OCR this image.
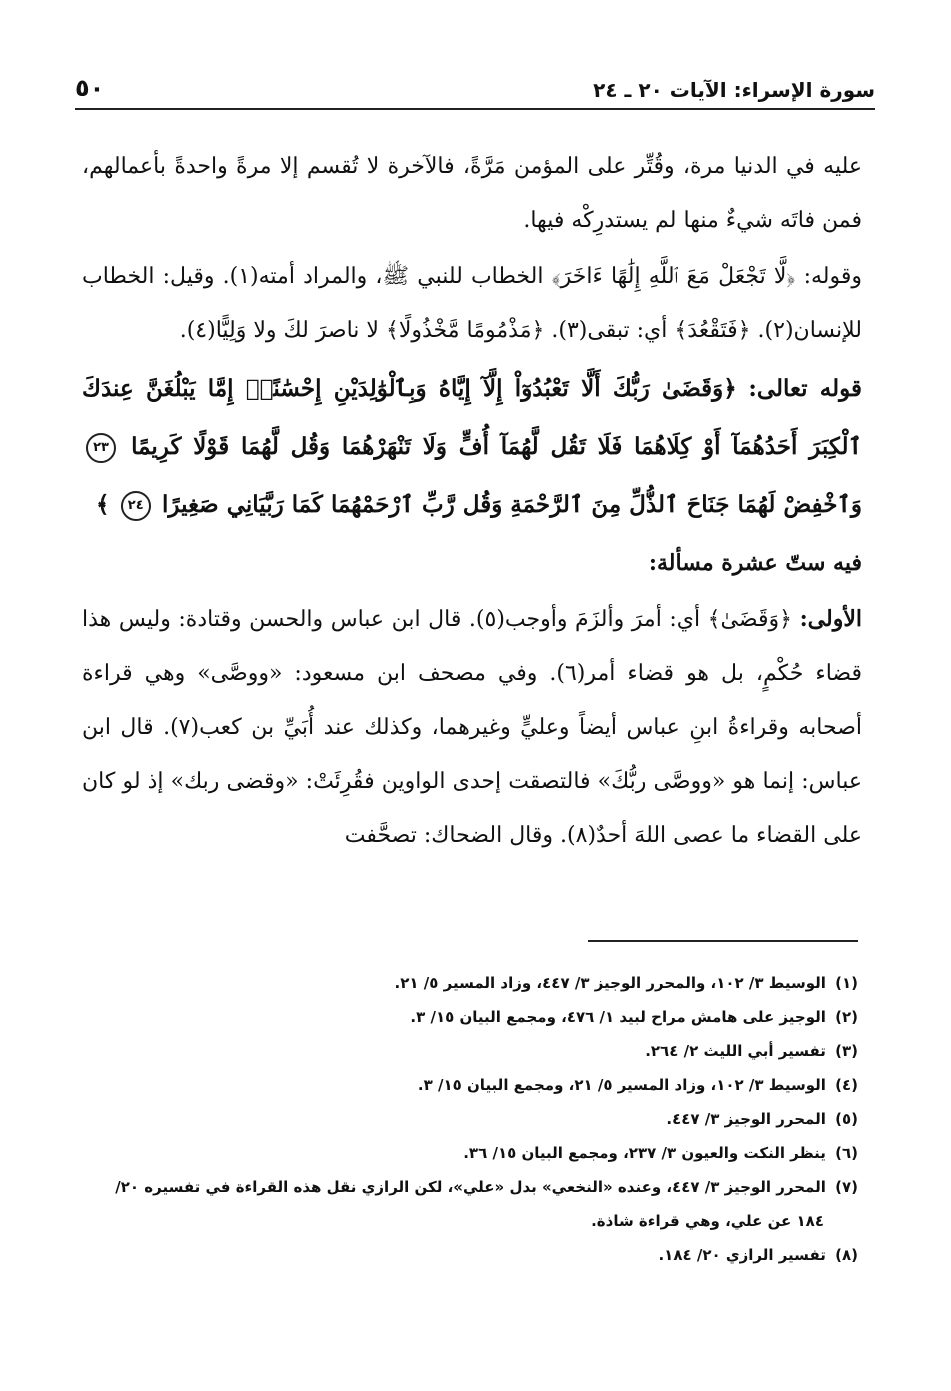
٥٠	سورة الإسراء: الآيات ٢٠ ـ ٢٤

عليه في الدنيا مرة، وقُتِّر على المؤمن مَرَّةً، فالآخرة لا تُقسم إلا مرةً واحدةً بأعمالهم، فمن فاتَه شيءٌ منها لم يستدرِكْه فيها.

وقوله: ﴿لَّا تَجْعَلْ مَعَ ٱللَّهِ إِلَٰهًا ءَاخَرَ﴾ الخطاب للنبي ﷺ، والمراد أمته(١). وقيل: الخطاب للإنسان(٢). ﴿فَتَقْعُدَ﴾ أي: تبقى(٣). ﴿مَذْمُومًا مَّخْذُولًا﴾ لا ناصرَ لكَ ولا وَلِيًّا(٤).

قوله تعالى: ﴿وَقَضَىٰ رَبُّكَ أَلَّا تَعْبُدُوٓاْ إِلَّآ إِيَّاهُ وَبِٱلْوَٰلِدَيْنِ إِحْسَٰنًاۚ إِمَّا يَبْلُغَنَّ عِندَكَ ٱلْكِبَرَ أَحَدُهُمَآ أَوْ كِلَاهُمَا فَلَا تَقُل لَّهُمَآ أُفٍّ وَلَا تَنْهَرْهُمَا وَقُل لَّهُمَا قَوْلًا كَرِيمًا ٢٣ وَٱخْفِضْ لَهُمَا جَنَاحَ ٱلذُّلِّ مِنَ ٱلرَّحْمَةِ وَقُل رَّبِّ ٱرْحَمْهُمَا كَمَا رَبَّيَانِي صَغِيرًا ٢٤ ﴾

فيه ستّ عشرة مسألة:

الأولى: ﴿وَقَضَىٰ﴾ أي: أمرَ وألزَمَ وأوجب(٥). قال ابن عباس والحسن وقتادة: وليس هذا قضاء حُكْمٍ، بل هو قضاء أمر(٦). وفي مصحف ابن مسعود: «ووصَّى» وهي قراءة أصحابه وقراءةُ ابنِ عباس أيضاً وعليٍّ وغيرهما، وكذلك عند أُبَيِّ بن كعب(٧). قال ابن عباس: إنما هو «ووصَّى ربُّكَ» فالتصقت إحدى الواوين فقُرِئَتْ: «وقضى ربك» إذ لو كان على القضاء ما عصى اللهَ أحدٌ(٨). وقال الضحاك: تصحَّفت

(١) الوسيط ٣/ ١٠٢، والمحرر الوجيز ٣/ ٤٤٧، وزاد المسير ٥/ ٢١.
(٢) الوجيز على هامش مراح لبيد ١/ ٤٧٦، ومجمع البيان ١٥/ ٣.
(٣) تفسير أبي الليث ٢/ ٢٦٤.
(٤) الوسيط ٣/ ١٠٢، وزاد المسير ٥/ ٢١، ومجمع البيان ١٥/ ٣.
(٥) المحرر الوجيز ٣/ ٤٤٧.
(٦) ينظر النكت والعيون ٣/ ٢٣٧، ومجمع البيان ١٥/ ٣٦.
(٧) المحرر الوجيز ٣/ ٤٤٧، وعنده «النخعي» بدل «علي»، لكن الرازي نقل هذه القراءة في تفسيره ٢٠/
١٨٤ عن علي، وهي قراءة شاذة.
(٨) تفسير الرازي ٢٠/ ١٨٤.
